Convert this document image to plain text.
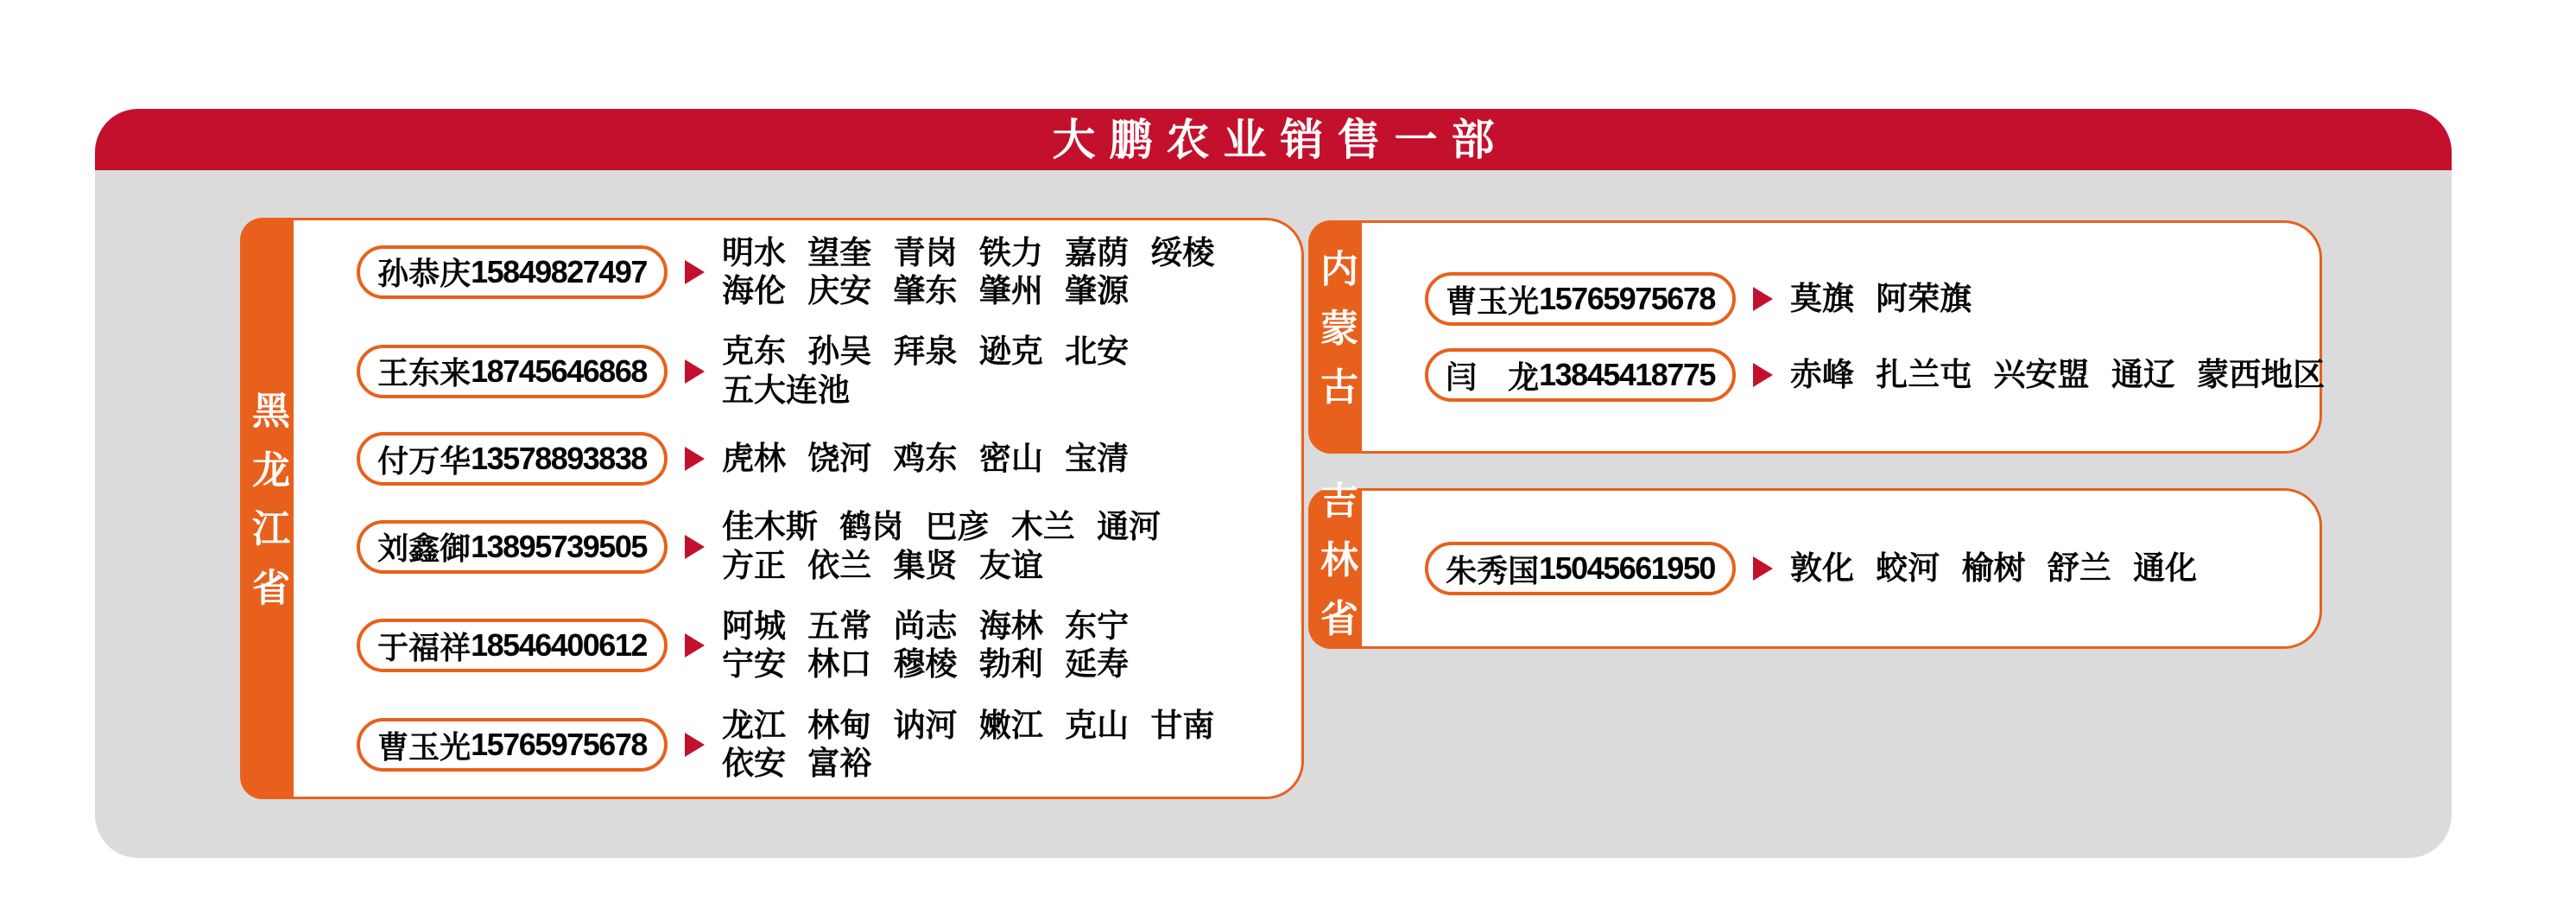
大鹏农业销售一部
孙恭庆 15849827497
明水 望奎 青岗 铁力 嘉荫 绥棱
海伦 庆安 肇东 肇州 肇源
王东来 18745646868
克东 孙吴 拜泉 逊克 北安
五大连池
付万华 13578893838 虎林 饶河 鸡东 密山 宝清
刘鑫御 13895739505
佳木斯 鹤岗 巴彦 木兰 通河
方正 依兰 集贤 友谊
于福祥 18546400612
阿城 五常 尚志 海林 东宁
宁安 林口 穆棱 勃利 延寿
曹玉光 15765975678
龙江 林甸 讷河 嫩江 克山 甘南
依安 富裕
黑龙江省
曹玉光 15765975678 莫旗 阿荣旗
闫　龙 13845418775 赤峰 扎兰屯 兴安盟 通辽 蒙西地区
内蒙古
朱秀国 15045661950 敦化 蛟河 榆树 舒兰 通化
吉林省
